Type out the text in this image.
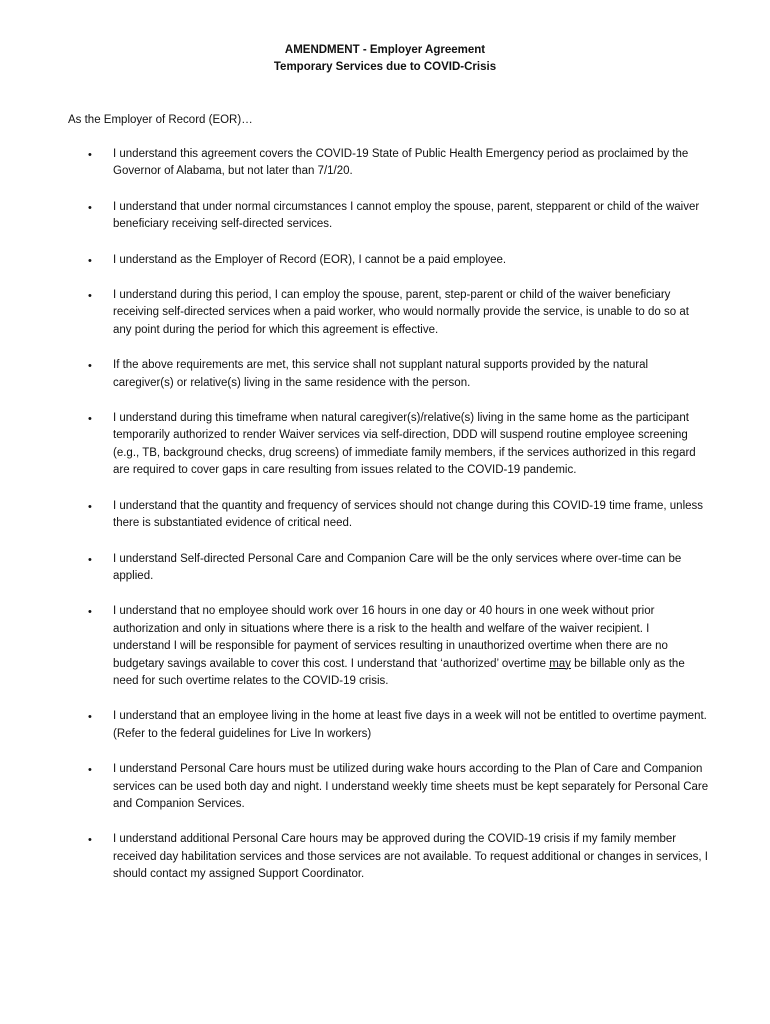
AMENDMENT - Employer Agreement
Temporary Services due to COVID-Crisis
As the Employer of Record (EOR)…
• I understand this agreement covers the COVID-19 State of Public Health Emergency period as proclaimed by the Governor of Alabama, but not later than 7/1/20.
• I understand that under normal circumstances I cannot employ the spouse, parent, stepparent or child of the waiver beneficiary receiving self-directed services.
• I understand as the Employer of Record (EOR), I cannot be a paid employee.
• I understand during this period, I can employ the spouse, parent, step-parent or child of the waiver beneficiary receiving self-directed services when a paid worker, who would normally provide the service, is unable to do so at any point during the period for which this agreement is effective.
• If the above requirements are met, this service shall not supplant natural supports provided by the natural caregiver(s) or relative(s) living in the same residence with the person.
• I understand during this timeframe when natural caregiver(s)/relative(s) living in the same home as the participant temporarily authorized to render Waiver services via self-direction, DDD will suspend routine employee screening (e.g., TB, background checks, drug screens) of immediate family members, if the services authorized in this regard are required to cover gaps in care resulting from issues related to the COVID-19 pandemic.
• I understand that the quantity and frequency of services should not change during this COVID-19 time frame, unless there is substantiated evidence of critical need.
• I understand Self-directed Personal Care and Companion Care will be the only services where over-time can be applied.
• I understand that no employee should work over 16 hours in one day or 40 hours in one week without prior authorization and only in situations where there is a risk to the health and welfare of the waiver recipient. I understand I will be responsible for payment of services resulting in unauthorized overtime when there are no budgetary savings available to cover this cost. I understand that ‘authorized’ overtime may be billable only as the need for such overtime relates to the COVID-19 crisis.
• I understand that an employee living in the home at least five days in a week will not be entitled to overtime payment. (Refer to the federal guidelines for Live In workers)
• I understand Personal Care hours must be utilized during wake hours according to the Plan of Care and Companion services can be used both day and night. I understand weekly time sheets must be kept separately for Personal Care and Companion Services.
• I understand additional Personal Care hours may be approved during the COVID-19 crisis if my family member received day habilitation services and those services are not available. To request additional or changes in services, I should contact my assigned Support Coordinator.
